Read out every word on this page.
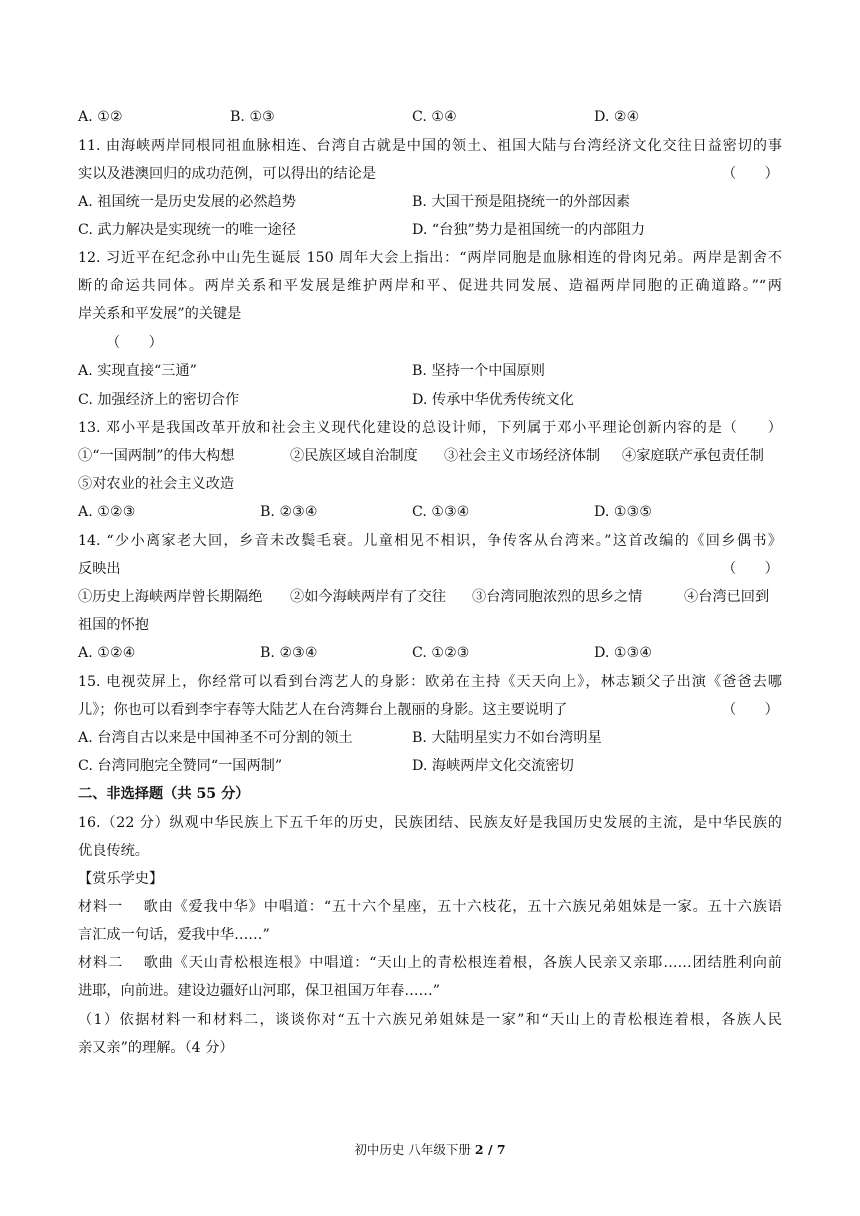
A. ①②	B. ①③	C. ①④	D. ②④
11. 由海峡两岸同根同祖血脉相连、台湾自古就是中国的领土、祖国大陆与台湾经济文化交往日益密切的事
实以及港澳回归的成功范例，可以得出的结论是	（　　）
A. 祖国统一是历史发展的必然趋势	B. 大国干预是阻挠统一的外部因素
C. 武力解决是实现统一的唯一途径	D. “台独”势力是祖国统一的内部阻力
12. 习近平在纪念孙中山先生诞辰 150 周年大会上指出：“两岸同胞是血脉相连的骨肉兄弟。两岸是割舍不
断的命运共同体。两岸关系和平发展是维护两岸和平、促进共同发展、造福两岸同胞的正确道路。”“两
岸关系和平发展”的关键是
（　　）
A. 实现直接“三通”	B. 坚持一个中国原则
C. 加强经济上的密切合作	D. 传承中华优秀传统文化
13. 邓小平是我国改革开放和社会主义现代化建设的总设计师，下列属于邓小平理论创新内容的是（　　）
①“一国两制”的伟大构想	②民族区域自治制度 ③社会主义市场经济体制 ④家庭联产承包责任制
⑤对农业的社会主义改造
A. ①②③	B. ②③④	C. ①③④	D. ①③⑤
14. “少小离家老大回，乡音未改鬓毛衰。儿童相见不相识，争传客从台湾来。”这首改编的《回乡偶书》
反映出	（　　）
①历史上海峡两岸曾长期隔绝 ②如今海峡两岸有了交往 ③台湾同胞浓烈的思乡之情	④台湾已回到
祖国的怀抱
A. ①②④	B. ②③④	C. ①②③	D. ①③④
15. 电视荧屏上，你经常可以看到台湾艺人的身影：欧弟在主持《天天向上》，林志颖父子出演《爸爸去哪
儿》；你也可以看到李宇春等大陆艺人在台湾舞台上靓丽的身影。这主要说明了	（　　）
A. 台湾自古以来是中国神圣不可分割的领土	B. 大陆明星实力不如台湾明星
C. 台湾同胞完全赞同“一国两制”	D. 海峡两岸文化交流密切
二、非选择题（共 55 分）
16.（22 分）纵观中华民族上下五千年的历史，民族团结、民族友好是我国历史发展的主流，是中华民族的
优良传统。
【赏乐学史】
材料一　 歌由《爱我中华》中唱道：“五十六个星座，五十六枝花，五十六族兄弟姐妹是一家。五十六族语
言汇成一句话，爱我中华……”
材料二　 歌曲《天山青松根连根》中唱道：“天山上的青松根连着根，各族人民亲又亲耶……团结胜利向前
进耶，向前进。建设边疆好山河耶，保卫祖国万年春……”
（1）依据材料一和材料二，谈谈你对“五十六族兄弟姐妹是一家”和“天山上的青松根连着根，各族人民
亲又亲”的理解。（4 分）
初中历史 八年级下册 2 / 7
